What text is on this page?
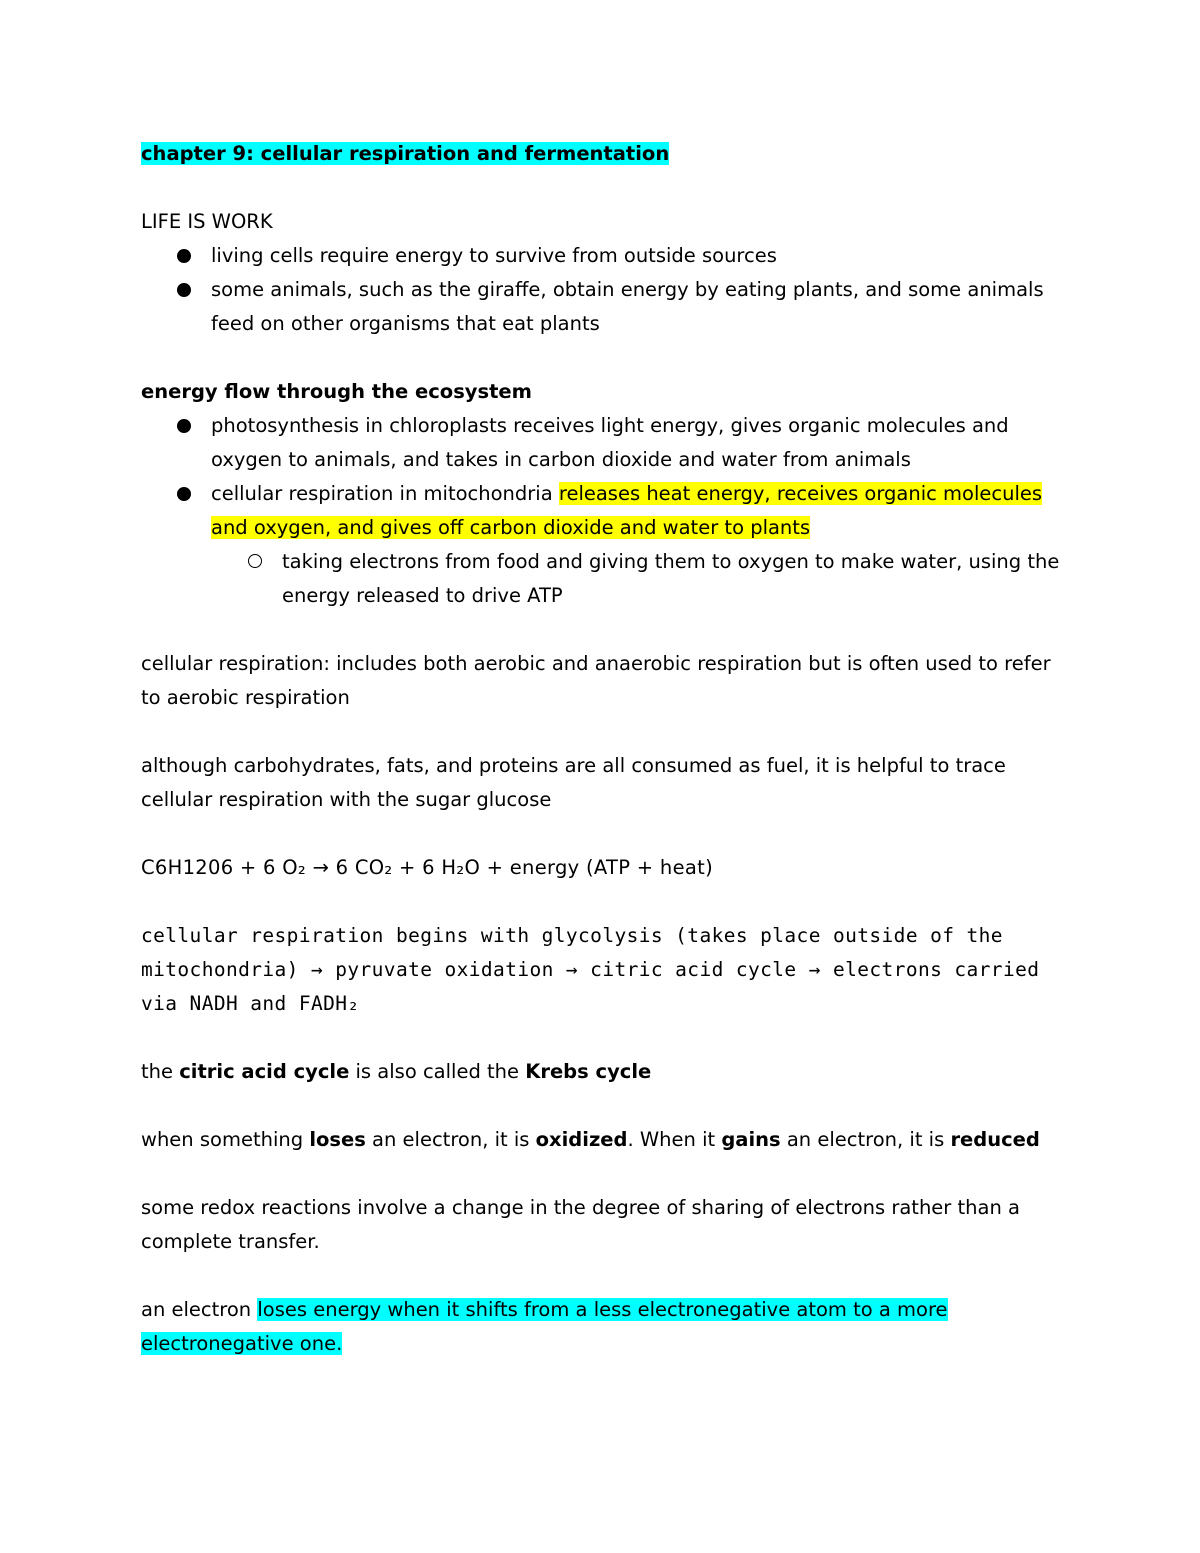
chapter 9: cellular respiration and fermentation

LIFE IS WORK

living cells require energy to survive from outside sources
some animals, such as the giraffe, obtain energy by eating plants, and some animals feed on other organisms that eat plants

energy flow through the ecosystem

photosynthesis in chloroplasts receives light energy, gives organic molecules and oxygen to animals, and takes in carbon dioxide and water from animals
cellular respiration in mitochondria releases heat energy, receives organic molecules and oxygen, and gives off carbon dioxide and water to plants
taking electrons from food and giving them to oxygen to make water, using the energy released to drive ATP

cellular respiration: includes both aerobic and anaerobic respiration but is often used to refer to aerobic respiration

although carbohydrates, fats, and proteins are all consumed as fuel, it is helpful to trace cellular respiration with the sugar glucose

C6H1206 + 6 O₂ → 6 CO₂ + 6 H₂O + energy (ATP + heat)

cellular respiration begins with glycolysis (takes place outside of the mitochondria) → pyruvate oxidation → citric acid cycle → electrons carried via NADH and FADH₂

the citric acid cycle is also called the Krebs cycle

when something loses an electron, it is oxidized. When it gains an electron, it is reduced

some redox reactions involve a change in the degree of sharing of electrons rather than a complete transfer.

an electron loses energy when it shifts from a less electronegative atom to a more electronegative one.
